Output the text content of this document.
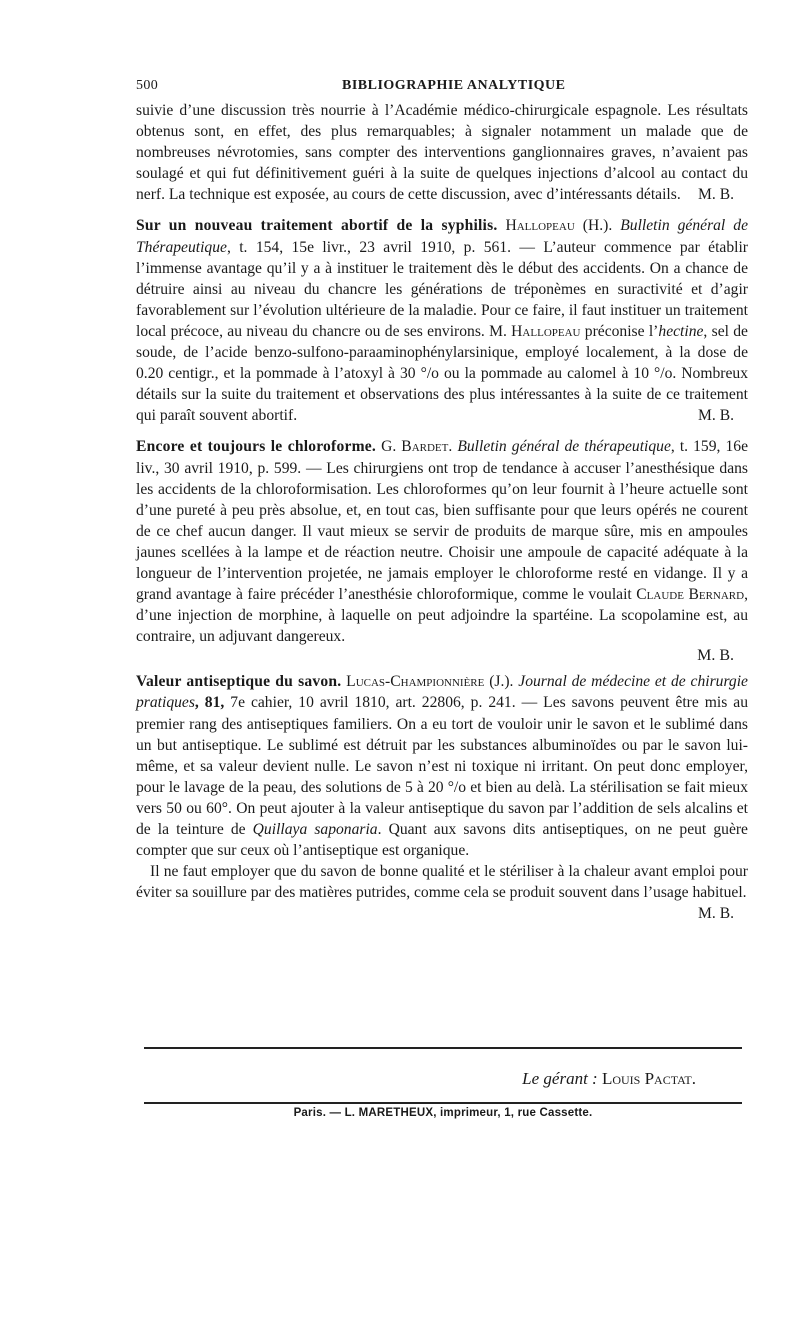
500	BIBLIOGRAPHIE ANALYTIQUE

suivie d’une discussion très nourrie à l’Académie médico-chirurgicale espagnole. Les résultats obtenus sont, en effet, des plus remarquables; à signaler notamment un malade que de nombreuses névrotomies, sans compter des interventions ganglionnaires graves, n’avaient pas soulagé et qui fut définitivement guéri à la suite de quelques injections d’alcool au contact du nerf. La technique est exposée, au cours de cette discussion, avec d’intéressants détails. M. B.

Sur un nouveau traitement abortif de la syphilis. Hallopeau (H.). Bulletin général de Thérapeutique, t. 154, 15e livr., 23 avril 1910, p. 561. — L’auteur commence par établir l’immense avantage qu’il y a à instituer le traitement dès le début des accidents. On a chance de détruire ainsi au niveau du chancre les générations de tréponèmes en suractivité et d’agir favorablement sur l’évolution ultérieure de la maladie. Pour ce faire, il faut instituer un traitement local précoce, au niveau du chancre ou de ses environs. M. Hallopeau préconise l’hectine, sel de soude, de l’acide benzo-sulfono-paraaminophénylarsinique, employé localement, à la dose de 0.20 centigr., et la pommade à l’atoxyl à 30 °/o ou la pommade au calomel à 10 °/o. Nombreux détails sur la suite du traitement et observations des plus intéressantes à la suite de ce traitement qui paraît souvent abortif.	M. B.

Encore et toujours le chloroforme. G. Bardet. Bulletin général de thérapeutique, t. 159, 16e liv., 30 avril 1910, p. 599. — Les chirurgiens ont trop de tendance à accuser l’anesthésique dans les accidents de la chloroformisation. Les chloroformes qu’on leur fournit à l’heure actuelle sont d’une pureté à peu près absolue, et, en tout cas, bien suffisante pour que leurs opérés ne courent de ce chef aucun danger. Il vaut mieux se servir de produits de marque sûre, mis en ampoules jaunes scellées à la lampe et de réaction neutre. Choisir une ampoule de capacité adéquate à la longueur de l’intervention projetée, ne jamais employer le chloroforme resté en vidange. Il y a grand avantage à faire précéder l’anesthésie chloroformique, comme le voulait Claude Bernard, d’une injection de morphine, à laquelle on peut adjoindre la spartéine. La scopolamine est, au contraire, un adjuvant dangereux.

M. B.

Valeur antiseptique du savon. Lucas-Championnière (J.). Journal de médecine et de chirurgie pratiques, 81, 7e cahier, 10 avril 1810, art. 22806, p. 241. — Les savons peuvent être mis au premier rang des antiseptiques familiers. On a eu tort de vouloir unir le savon et le sublimé dans un but antiseptique. Le sublimé est détruit par les substances albuminoïdes ou par le savon lui-même, et sa valeur devient nulle. Le savon n’est ni toxique ni irritant. On peut donc employer, pour le lavage de la peau, des solutions de 5 à 20 °/o et bien au delà. La stérilisation se fait mieux vers 50 ou 60°. On peut ajouter à la valeur antiseptique du savon par l’addition de sels alcalins et de la teinture de Quillaya saponaria. Quant aux savons dits antiseptiques, on ne peut guère compter que sur ceux où l’antiseptique est organique.

Il ne faut employer que du savon de bonne qualité et le stériliser à la chaleur avant emploi pour éviter sa souillure par des matières putrides, comme cela se produit souvent dans l’usage habituel.
M. B.

Le gérant : Louis Pactat.
Paris. — L. MARETHEUX, imprimeur, 1, rue Cassette.
